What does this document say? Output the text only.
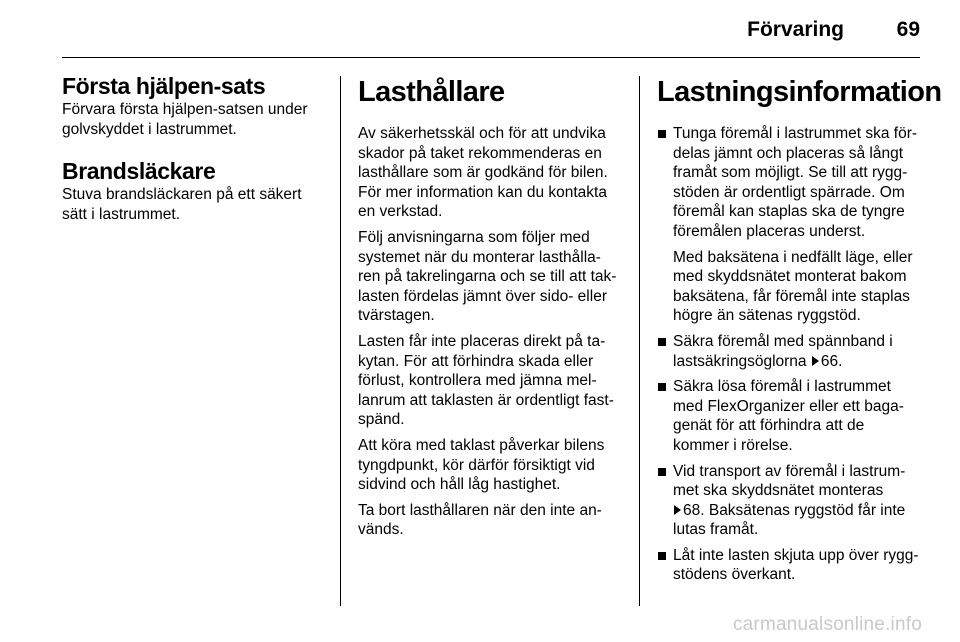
Förvaring	69
Första hjälpen-sats

Förvara första hjälpen-satsen under
golvskyddet i lastrummet.

Brandsläckare

Stuva brandsläckaren på ett säkert
sätt i lastrummet.

Lasthållare

Av säkerhetsskäl och för att undvika
skador på taket rekommenderas en
lasthållare som är godkänd för bilen.
För mer information kan du kontakta
en verkstad.

Följ anvisningarna som följer med
systemet när du monterar lasthålla-
ren på takrelingarna och se till att tak-
lasten fördelas jämnt över sido- eller
tvärstagen.

Lasten får inte placeras direkt på ta-
kytan. För att förhindra skada eller
förlust, kontrollera med jämna mel-
lanrum att taklasten är ordentligt fast-
spänd.

Att köra med taklast påverkar bilens
tyngdpunkt, kör därför försiktigt vid
sidvind och håll låg hastighet.

Ta bort lasthållaren när den inte an-
vänds.

Lastningsinformation

Tunga föremål i lastrummet ska för-
delas jämnt och placeras så långt
framåt som möjligt. Se till att rygg-
stöden är ordentligt spärrade. Om
föremål kan staplas ska de tyngre
föremålen placeras underst.

Med baksätena i nedfällt läge, eller
med skyddsnätet monterat bakom
baksätena, får föremål inte staplas
högre än sätenas ryggstöd.

Säkra föremål med spännband i
lastsäkringsöglorna 66.

Säkra lösa föremål i lastrummet
med FlexOrganizer eller ett baga-
genät för att förhindra att de
kommer i rörelse.

Vid transport av föremål i lastrum-
met ska skyddsnätet monteras
68. Baksätenas ryggstöd får inte
lutas framåt.

Låt inte lasten skjuta upp över rygg-
stödens överkant.

carmanualsonline.info
